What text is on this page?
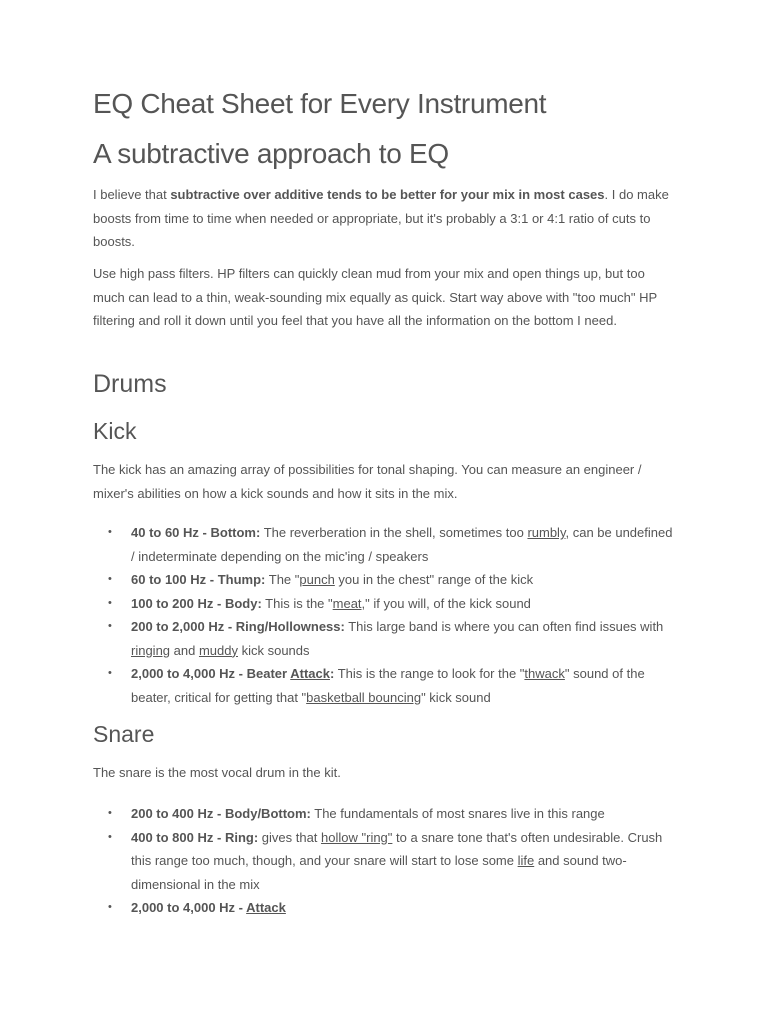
EQ Cheat Sheet for Every Instrument
A subtractive approach to EQ

I believe that subtractive over additive tends to be better for your mix in most cases. I do make boosts from time to time when needed or appropriate, but it's probably a 3:1 or 4:1 ratio of cuts to boosts.

Use high pass filters. HP filters can quickly clean mud from your mix and open things up, but too much can lead to a thin, weak-sounding mix equally as quick. Start way above with "too much" HP filtering and roll it down until you feel that you have all the information on the bottom I need.

Drums
Kick

The kick has an amazing array of possibilities for tonal shaping. You can measure an engineer / mixer's abilities on how a kick sounds and how it sits in the mix.

• 40 to 60 Hz - Bottom: The reverberation in the shell, sometimes too rumbly, can be undefined / indeterminate depending on the mic'ing / speakers
• 60 to 100 Hz - Thump: The "punch you in the chest" range of the kick
• 100 to 200 Hz - Body: This is the "meat," if you will, of the kick sound
• 200 to 2,000 Hz - Ring/Hollowness: This large band is where you can often find issues with ringing and muddy kick sounds
• 2,000 to 4,000 Hz - Beater Attack: This is the range to look for the "thwack" sound of the beater, critical for getting that "basketball bouncing" kick sound
Snare

The snare is the most vocal drum in the kit.

• 200 to 400 Hz - Body/Bottom: The fundamentals of most snares live in this range
• 400 to 800 Hz - Ring: gives that hollow "ring" to a snare tone that's often undesirable. Crush this range too much, though, and your snare will start to lose some life and sound two-dimensional in the mix
• 2,000 to 4,000 Hz - Attack
